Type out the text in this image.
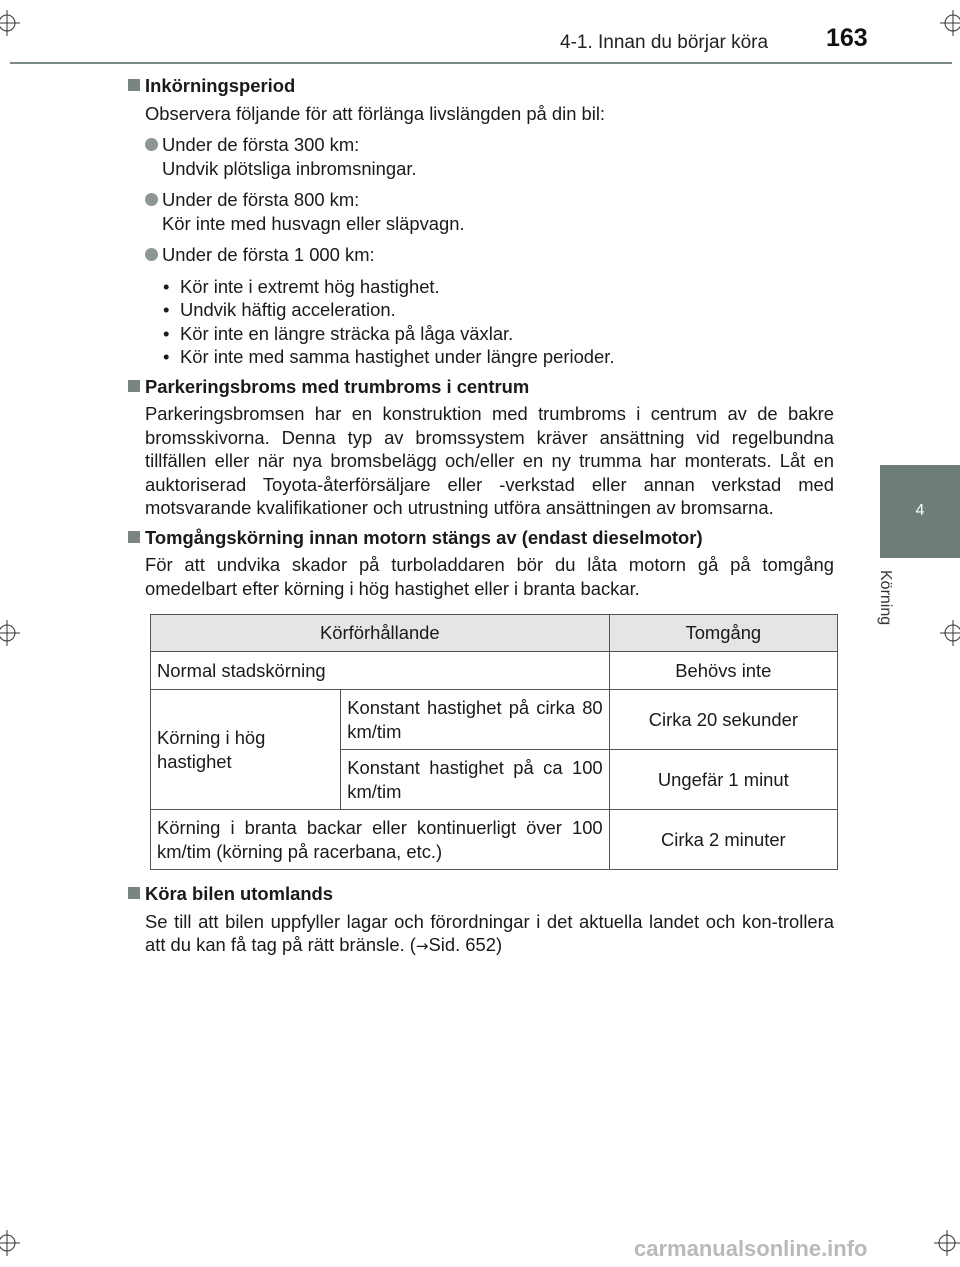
4-1. Innan du börjar köra 163
4
Körning

Inkörningsperiod

Observera följande för att förlänga livslängden på din bil:

Under de första 300 km:
Undvik plötsliga inbromsningar.
Under de första 800 km:
Kör inte med husvagn eller släpvagn.
Under de första 1 000 km:
• Kör inte i extremt hög hastighet.
• Undvik häftig acceleration.
• Kör inte en längre sträcka på låga växlar.
• Kör inte med samma hastighet under längre perioder.

Parkeringsbroms med trumbroms i centrum

Parkeringsbromsen har en konstruktion med trumbroms i centrum av de bakre bromsskivorna. Denna typ av bromssystem kräver ansättning vid regelbundna tillfällen eller när nya bromsbelägg och/eller en ny trumma har monterats. Låt en auktoriserad Toyota-återförsäljare eller -verkstad eller annan verkstad med motsvarande kvalifikationer och utrustning utföra ansättningen av bromsarna.

Tomgångskörning innan motorn stängs av (endast dieselmotor)

För att undvika skador på turboladdaren bör du låta motorn gå på tomgång omedelbart efter körning i hög hastighet eller i branta backar.

Körförhållande		Tomgång
Normal stadskörning		Behövs inte
Körning i hög hastighet	Konstant hastighet på cirka 80 km/tim	Cirka 20 sekunder
	Konstant hastighet på ca 100 km/tim	Ungefär 1 minut
Körning i branta backar eller kontinuerligt över 100 km/tim (körning på racerbana, etc.)		Cirka 2 minuter

Köra bilen utomlands

Se till att bilen uppfyller lagar och förordningar i det aktuella landet och kon-trollera att du kan få tag på rätt bränsle. (→Sid. 652)

carmanualsonline.info
